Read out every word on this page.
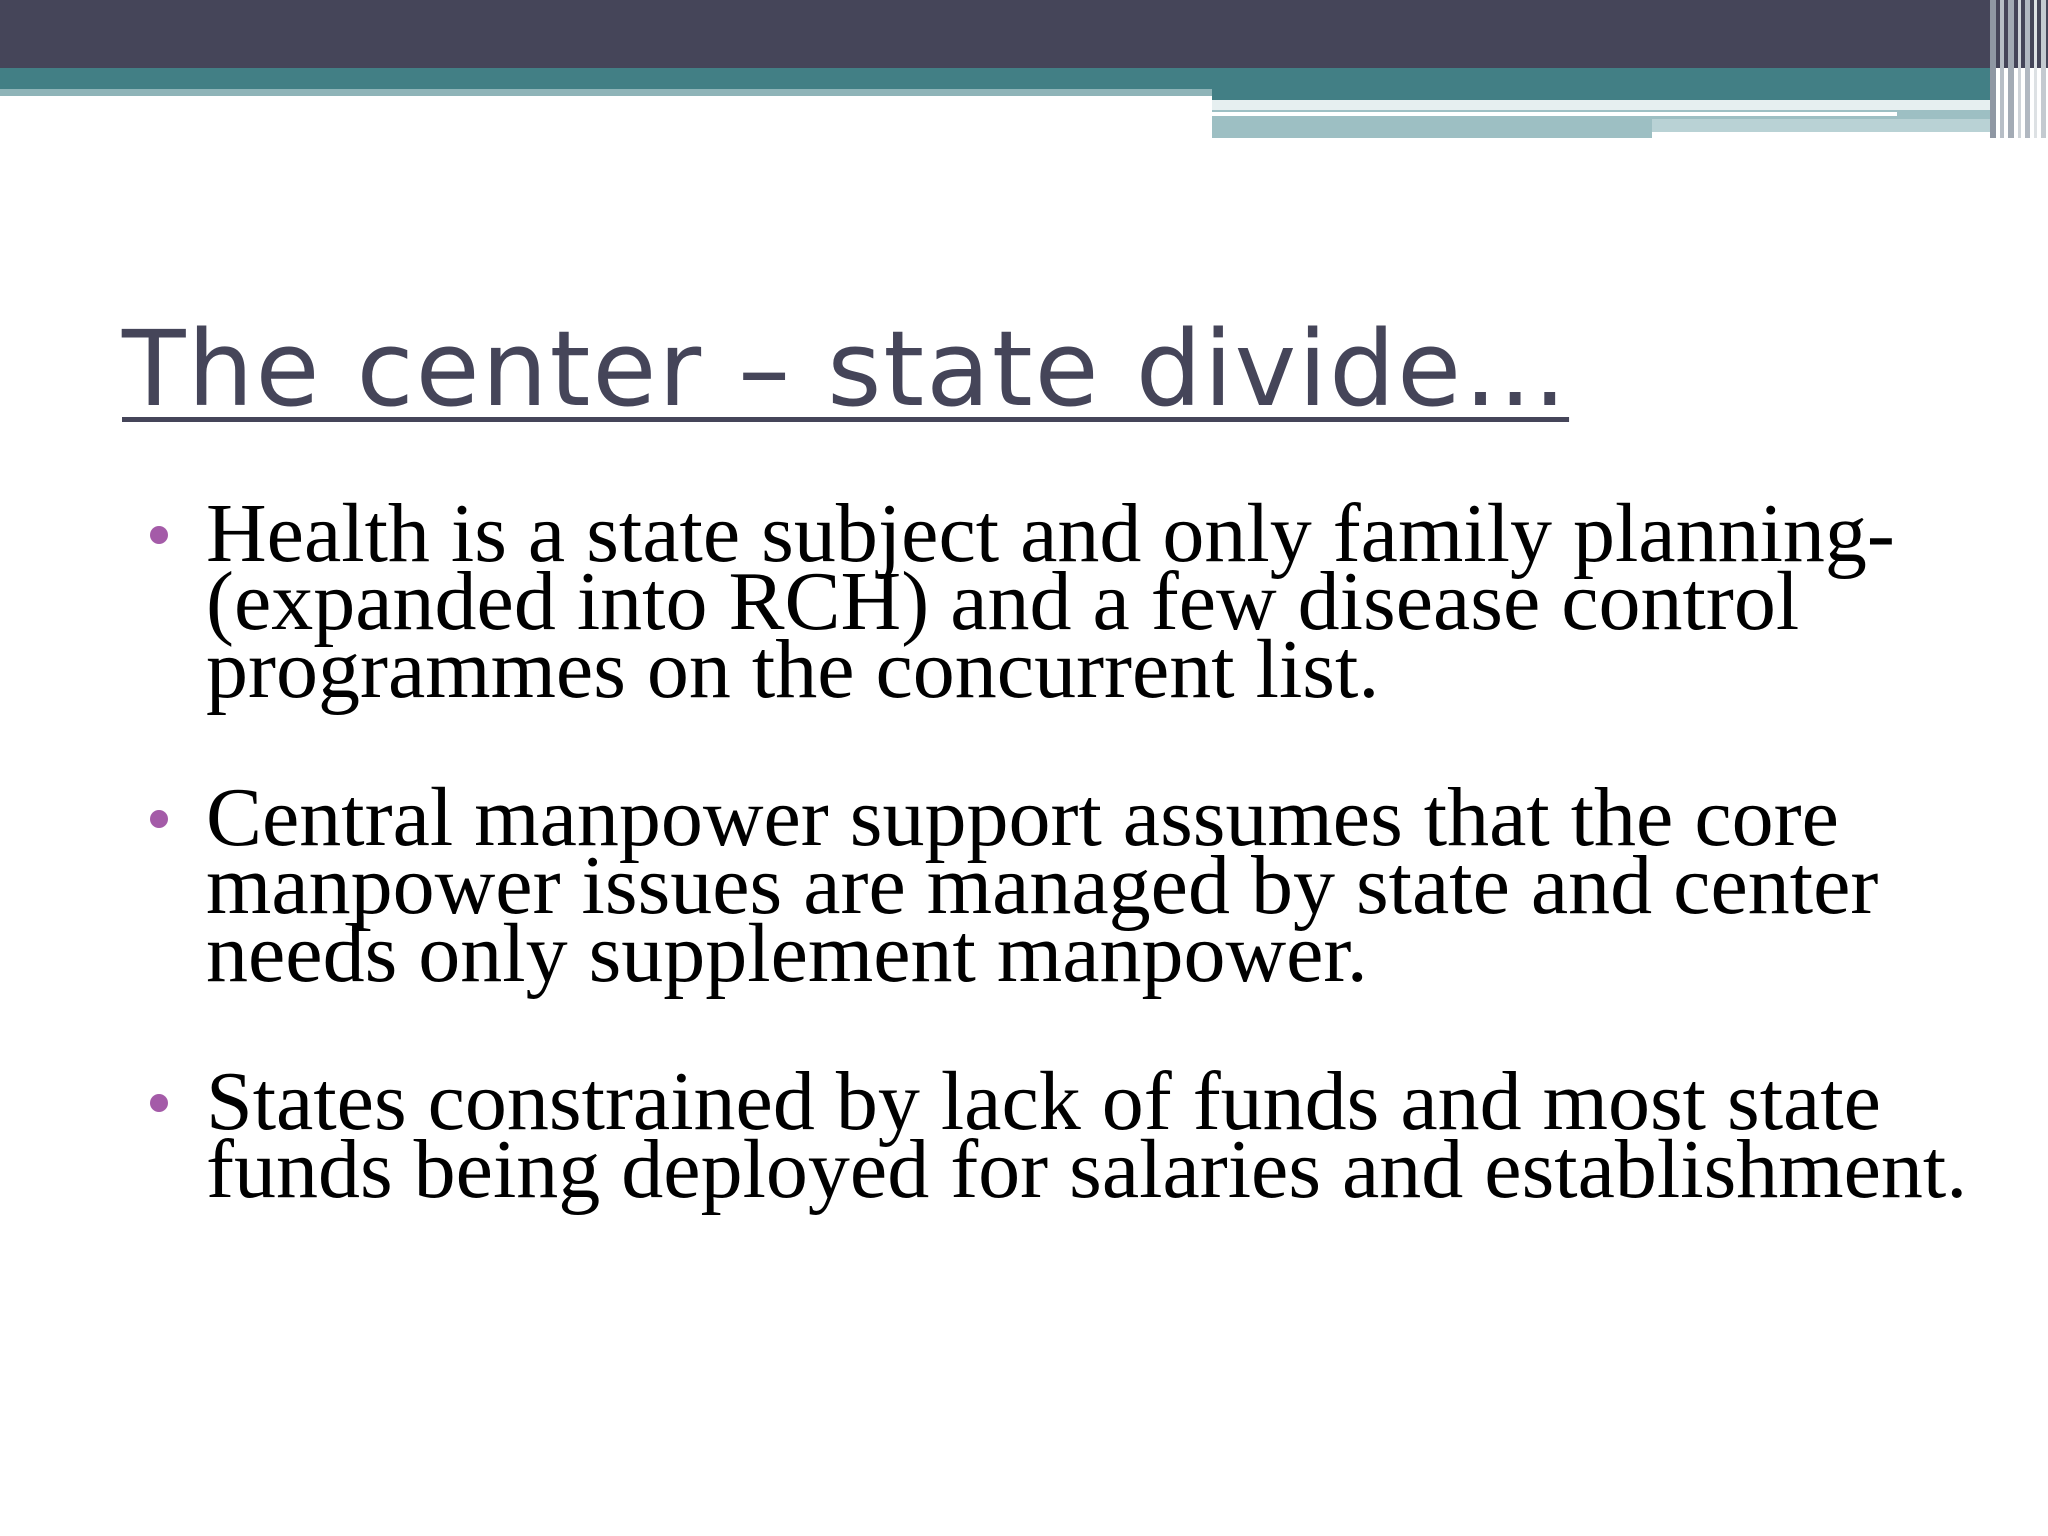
The center – state divide…
Health is a state subject and only family planning- (expanded into RCH) and a few disease control programmes on the concurrent list.
Central manpower support assumes that the core manpower issues are managed by state and center needs only supplement manpower.
States constrained by lack of funds and most state funds being deployed for salaries and establishment.
